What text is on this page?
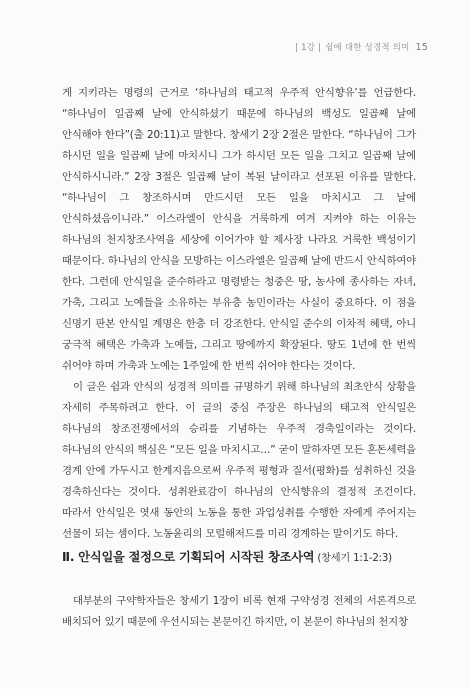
| 1강 | 쉼에 대한 성경적 의미 15

게 지키라는 명령의 근거로 ‘하나님의 태고적 우주적 안식향유’를 언급한다. “하나님이 일곱째 날에 안식하셨기 때문에 하나님의 백성도 일곱째 날에 안식해야 한다”(출 20:11)고 말한다. 창세기 2장 2절은 말한다. “하나님이 그가 하시던 일을 일곱째 날에 마치시니 그가 하시던 모든 일을 그치고 일곱째 날에 안식하시니라.” 2장 3절은 일곱째 날이 복된 날이라고 선포된 이유를 말한다. “하나님이 그 창조하시며 만드시던 모든 일을 마치시고 그 날에 안식하셨음이니라.” 이스라엘이 안식을 거룩하게 여겨 지켜야 하는 이유는 하나님의 천지창조사역을 세상에 이어가야 할 제사장 나라요 거룩한 백성이기 때문이다. 하나님의 안식을 모방하는 이스라엘은 일곱째 날에 반드시 안식하여야 한다. 그런데 안식일을 준수하라고 명령받는 청중은 땅, 농사에 종사하는 자녀, 가축, 그리고 노예들을 소유하는 부유층 농민이라는 사실이 중요하다. 이 점을 신명기 판본 안식일 계명은 한층 더 강조한다. 안식일 준수의 이차적 혜택, 아니 궁극적 혜택은 가축과 노예들, 그리고 땅에까지 확장된다. 땅도 1년에 한 번씩 쉬어야 하며 가축과 노예는 1주일에 한 번씩 쉬어야 한다는 것이다.

이 글은 쉼과 안식의 성경적 의미를 규명하기 위해 하나님의 최초안식 상황을 자세히 주목하려고 한다. 이 글의 중심 주장은 하나님의 태고적 안식일은 하나님의 창조전쟁에서의 승리를 기념하는 우주적 경축일이라는 것이다. 하나님의 안식의 핵심은 “모든 일을 마치시고…” 굳이 말하자면 모든 혼돈세력을 경계 안에 가두시고 한계지음으로써 우주적 평형과 질서(평화)를 성취하신 것을 경축하신다는 것이다. 성취완료감이 하나님의 안식향유의 결정적 조건이다. 따라서 안식일은 엿새 동안의 노동을 통한 과업성취를 수행한 자에게 주어지는 선물이 되는 셈이다. 노동윤리의 모럴해저드를 미리 경계하는 말이기도 하다.

Ⅱ. 안식일을 절정으로 기획되어 시작된 창조사역 (창세기 1:1-2:3)

대부분의 구약학자들은 창세기 1장이 비록 현재 구약성경 전체의 서론격으로 배치되어 있기 때문에 우선시되는 본문이긴 하지만, 이 본문이 하나님의 천지창
